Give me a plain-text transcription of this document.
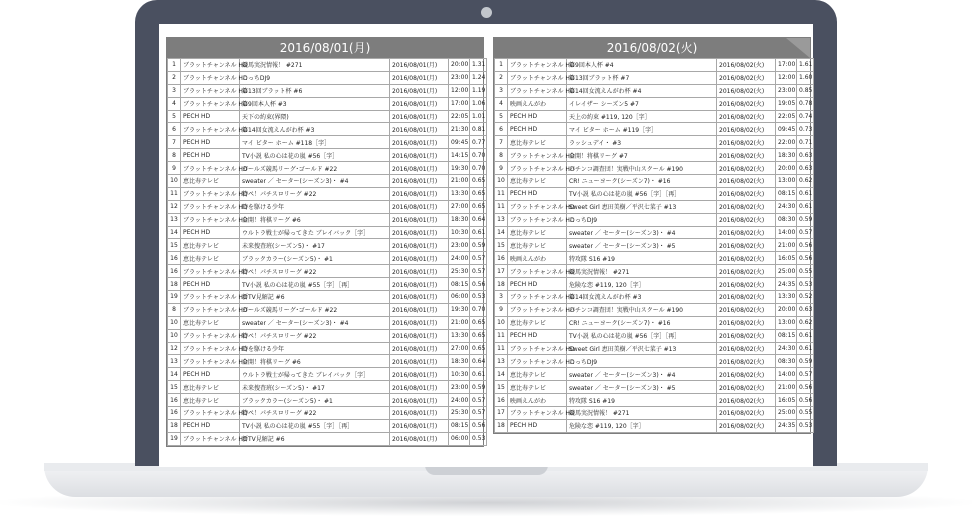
2016/08/01(月)
1	ブラットチャンネル HD	競馬実況情報！ #271	2016/08/01(月)	20:00	1.31
2	ブラットチャンネル HD	こっちDJ9	2016/08/01(月)	23:00	1.24
3	ブラットチャンネル HD	第13回ブラット杯 #6	2016/08/01(月)	12:00	1.19
4	ブラットチャンネル HD	第9回本人杯 #3	2016/08/01(月)	17:00	1.06
5	PECH HD	天下の約束(界隈)	2016/08/01(月)	22:05	1.01
6	ブラットチャンネル HD	第14回女流えんがわ杯 #3	2016/08/01(月)	21:30	0.81
7	PECH HD	マイ ビター ホーム #118［字］	2016/08/01(月)	09:45	0.77
8	PECH HD	TV小説 私の心は花の嵐 #56［字］	2016/08/01(月)	14:15	0.70
9	ブラットチャンネル HD	ガールズ競馬リーグ･ゴールド #22	2016/08/01(月)	19:30	0.70
10	恵比寿テレビ	sweater ／ セーター(シーズン3)・ #4	2016/08/01(月)	21:00	0.65
11	ブラットチャンネル HD	特ペ！パチスロリーグ #22	2016/08/01(月)	13:30	0.65
12	ブラットチャンネル HD	時を駆ける少年	2016/08/01(月)	27:00	0.65
13	ブラットチャンネル HD	全開！将棋リーグ #6	2016/08/01(月)	18:30	0.64
14	PECH HD	ウルトラ戦士が帰ってきた ブレイバック［字］	2016/08/01(月)	10:30	0.61
15	恵比寿テレビ	未来捜査班(シーズン5)・ #17	2016/08/01(月)	23:00	0.59
16	恵比寿テレビ	ブラックカラー(シーズン5)・ #1	2016/08/01(月)	24:00	0.57
16	ブラットチャンネル HD	特ペ！パチスロリーグ #22	2016/08/01(月)	25:30	0.57
18	PECH HD	TV小説 私の心は花の嵐 #55［字］［再］	2016/08/01(月)	08:15	0.56
19	ブラットチャンネル HD	新TV見解記 #6	2016/08/01(月)	06:00	0.53
8	ブラットチャンネル HD	ガールズ競馬リーグ･ゴールド #22	2016/08/01(月)	19:30	0.70
10	恵比寿テレビ	sweater ／ セーター(シーズン3)・ #4	2016/08/01(月)	21:00	0.65
10	ブラットチャンネル HD	特ペ！パチスロリーグ #22	2016/08/01(月)	13:30	0.65
12	ブラットチャンネル HD	時を駆ける少年	2016/08/01(月)	27:00	0.65
13	ブラットチャンネル HD	全開！将棋リーグ #6	2016/08/01(月)	18:30	0.64
14	PECH HD	ウルトラ戦士が帰ってきた ブレイバック［字］	2016/08/01(月)	10:30	0.61
15	恵比寿テレビ	未来捜査班(シーズン5)・ #17	2016/08/01(月)	23:00	0.59
16	恵比寿テレビ	ブラックカラー(シーズン5)・ #1	2016/08/01(月)	24:00	0.57
16	ブラットチャンネル HD	特ペ！パチスロリーグ #22	2016/08/01(月)	25:30	0.57
18	PECH HD	TV小説 私の心は花の嵐 #55［字］［再］	2016/08/01(月)	08:15	0.56
19	ブラットチャンネル HD	新TV見解記 #6	2016/08/01(月)	06:00	0.53
2016/08/02(火)
1	ブラットチャンネル HD	第9回本人杯 #4	2016/08/02(火)	17:00	1.61
2	ブラットチャンネル HD	第13回ブラット杯 #7	2016/08/02(火)	12:00	1.60
3	ブラットチャンネル HD	第14回女流えんがわ杯 #4	2016/08/02(火)	23:00	0.85
4	映画えんがわ	イレイザー シーズン5 #7	2016/08/02(火)	19:05	0.78
5	PECH HD	天上の約束 #119, 120［字］	2016/08/02(火)	22:05	0.74
6	PECH HD	マイ ビター ホーム #119［字］	2016/08/02(火)	09:45	0.73
7	恵比寿テレビ	ラッシュデイ・ #3	2016/08/02(火)	22:00	0.71
8	ブラットチャンネル HD	全開！将棋リーグ #7	2016/08/02(火)	18:30	0.63
9	ブラットチャンネル HD	パチンコ調査団！実戦中山スクール #190	2016/08/02(火)	20:00	0.63
10	恵比寿テレビ	CR! ニューヨーク(シーズン7)・ #16	2016/08/02(火)	13:00	0.62
11	PECH HD	TV小説 私の心は花の嵐 #56［字］［再］	2016/08/02(火)	08:15	0.61
11	ブラットチャンネル HD	Sweet Girl 恵田美樹／平沢七菜子 #13	2016/08/02(火)	24:30	0.61
13	ブラットチャンネル HD	こっちDJ9	2016/08/02(火)	08:30	0.59
14	恵比寿テレビ	sweater ／ セーター(シーズン3)・ #4	2016/08/02(火)	14:00	0.57
15	恵比寿テレビ	sweater ／ セーター(シーズン3)・ #5	2016/08/02(火)	21:00	0.56
16	映画えんがわ	特攻隊 S16 #19	2016/08/02(火)	16:05	0.56
17	ブラットチャンネル HD	競馬実況情報！ #271	2016/08/02(火)	25:00	0.55
18	PECH HD	危険な恋 #119, 120［字］	2016/08/02(火)	24:35	0.53
3	ブラットチャンネル HD	第14回女流えんがわ杯 #3	2016/08/02(火)	13:30	0.52
9	ブラットチャンネル HD	パチンコ調査団！実戦中山スクール #190	2016/08/02(火)	20:00	0.63
10	恵比寿テレビ	CR! ニューヨーク(シーズン7)・ #16	2016/08/02(火)	13:00	0.62
11	PECH HD	TV小説 私の心は花の嵐 #56［字］［再］	2016/08/02(火)	08:15	0.61
11	ブラットチャンネル HD	Sweet Girl 恵田美樹／平沢七菜子 #13	2016/08/02(火)	24:30	0.61
13	ブラットチャンネル HD	こっちDJ9	2016/08/02(火)	08:30	0.59
14	恵比寿テレビ	sweater ／ セーター(シーズン3)・ #4	2016/08/02(火)	14:00	0.57
15	恵比寿テレビ	sweater ／ セーター(シーズン3)・ #5	2016/08/02(火)	21:00	0.56
16	映画えんがわ	特攻隊 S16 #19	2016/08/02(火)	16:05	0.56
17	ブラットチャンネル HD	競馬実況情報！ #271	2016/08/02(火)	25:00	0.55
18	PECH HD	危険な恋 #119, 120［字］	2016/08/02(火)	24:35	0.53
